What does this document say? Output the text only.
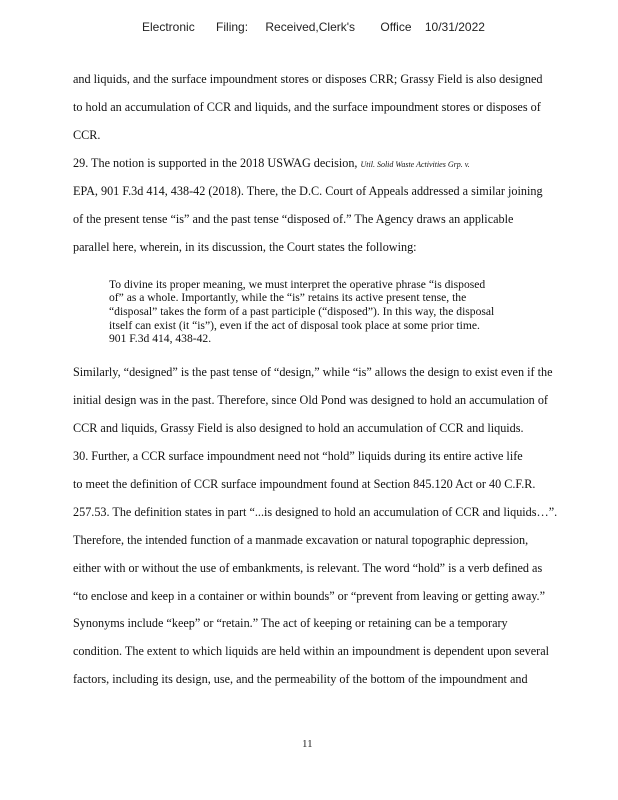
Electronic Filing: Received,Clerk's Office 10/31/2022
and liquids, and the surface impoundment stores or disposes CRR; Grassy Field is also designed
to hold an accumulation of CCR and liquids, and the surface impoundment stores or disposes of
CCR.
29. The notion is supported in the 2018 USWAG decision, Util. Solid Waste Activities Grp. v.
EPA, 901 F.3d 414, 438-42 (2018). There, the D.C. Court of Appeals addressed a similar joining
of the present tense “is” and the past tense “disposed of.” The Agency draws an applicable
parallel here, wherein, in its discussion, the Court states the following:
To divine its proper meaning, we must interpret the operative phrase “is disposed
of” as a whole. Importantly, while the “is” retains its active present tense, the
“disposal” takes the form of a past participle (“disposed”). In this way, the disposal
itself can exist (it “is”), even if the act of disposal took place at some prior time.
901 F.3d 414, 438-42.
Similarly, “designed” is the past tense of “design,” while “is” allows the design to exist even if the
initial design was in the past. Therefore, since Old Pond was designed to hold an accumulation of
CCR and liquids, Grassy Field is also designed to hold an accumulation of CCR and liquids.
30. Further, a CCR surface impoundment need not “hold” liquids during its entire active life
to meet the definition of CCR surface impoundment found at Section 845.120 Act or 40 C.F.R.
257.53. The definition states in part “...is designed to hold an accumulation of CCR and liquids…”.
Therefore, the intended function of a manmade excavation or natural topographic depression,
either with or without the use of embankments, is relevant. The word “hold” is a verb defined as
“to enclose and keep in a container or within bounds” or “prevent from leaving or getting away.”
Synonyms include “keep” or “retain.” The act of keeping or retaining can be a temporary
condition. The extent to which liquids are held within an impoundment is dependent upon several
factors, including its design, use, and the permeability of the bottom of the impoundment and
11
